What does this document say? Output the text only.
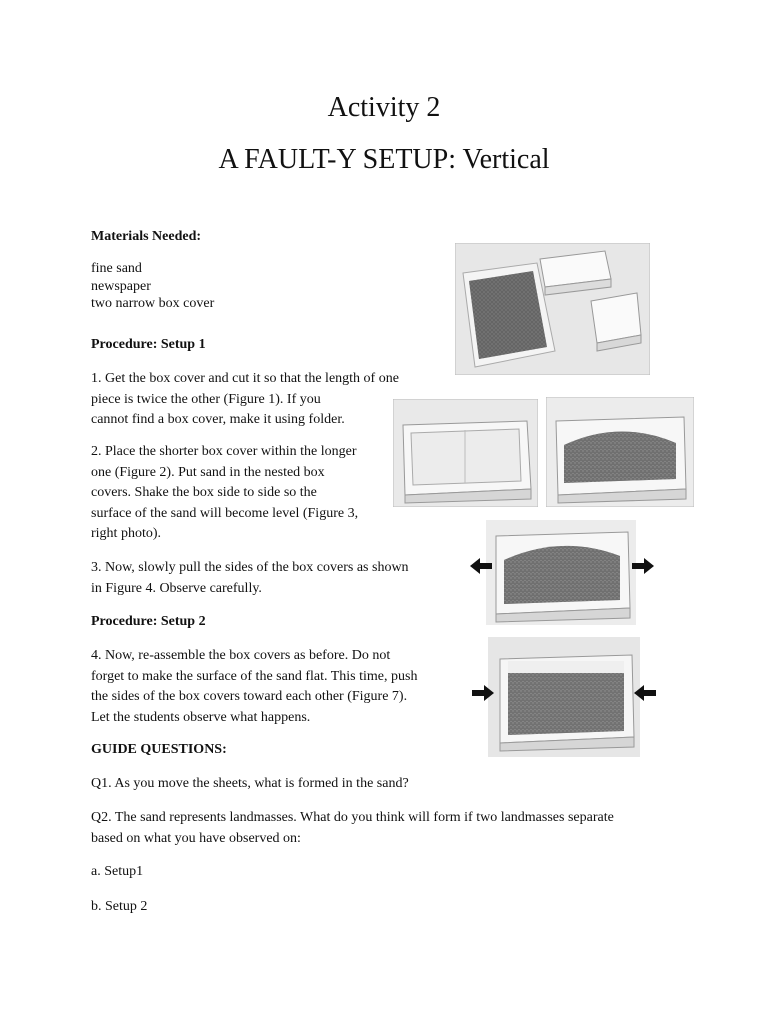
Activity 2
A FAULT-Y SETUP: Vertical
Materials Needed:
fine sand
newspaper
two narrow box cover
Procedure: Setup 1
1. Get the box cover and cut it so that the length of one
piece is twice the other (Figure 1). If you
cannot find a box cover, make it using folder.
2. Place the shorter box cover within the longer
one (Figure 2). Put sand in the nested box
covers. Shake the box side to side so the
surface of the sand will become level (Figure 3,
right photo).
3. Now, slowly pull the sides of the box covers as shown
in Figure 4. Observe carefully.
Procedure: Setup 2
4. Now, re-assemble the box covers as before. Do not
forget to make the surface of the sand flat. This time, push
the sides of the box covers toward each other (Figure 7).
Let the students observe what happens.
GUIDE QUESTIONS:
Q1. As you move the sheets, what is formed in the sand?
Q2. The sand represents landmasses. What do you think will form if two landmasses separate
based on what you have observed on:
a. Setup1
b. Setup 2
